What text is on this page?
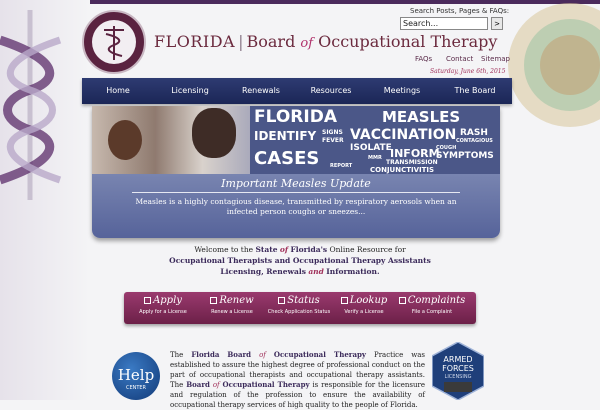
FLORIDA | Board of Occupational Therapy
Search Posts, Pages & FAQs:
Search...
>
FAQs Contact Sitemap
Saturday, June 6th, 2015
Home	Licensing	Renewals	Resources	Meetings	The Board
FLORIDA	MEASLES
IDENTIFY SIGNS
FEVER VACCINATION RASH
CONTAGIOUS
ISOLATE
CASES REPORT
MMR INFORM
COUGH
SYMPTOMS
TRANSMISSION
CONJUNCTIVITIS
Important Measles Update
Measles is a highly contagious disease, transmitted by respiratory aerosols when an infected person coughs or sneezes...
Welcome to the State of Florida's Online Resource for
Occupational Therapists and Occupational Therapy Assistants
Licensing, Renewals and Information.
Apply
Apply for a License
Renew
Renew a License
Status
Check Application Status
Lookup
Verify a License
Complaints
File a Complaint
Help
CENTER
The Florida Board of Occupational Therapy Practice was established to assure the highest degree of professional conduct on the part of occupational therapists and occupational therapy assistants. The Board of Occupational Therapy is responsible for the licensure and regulation of the profession to ensure the availability of occupational therapy services of high quality to the people of Florida.
ARMED
FORCES
LICENSING
